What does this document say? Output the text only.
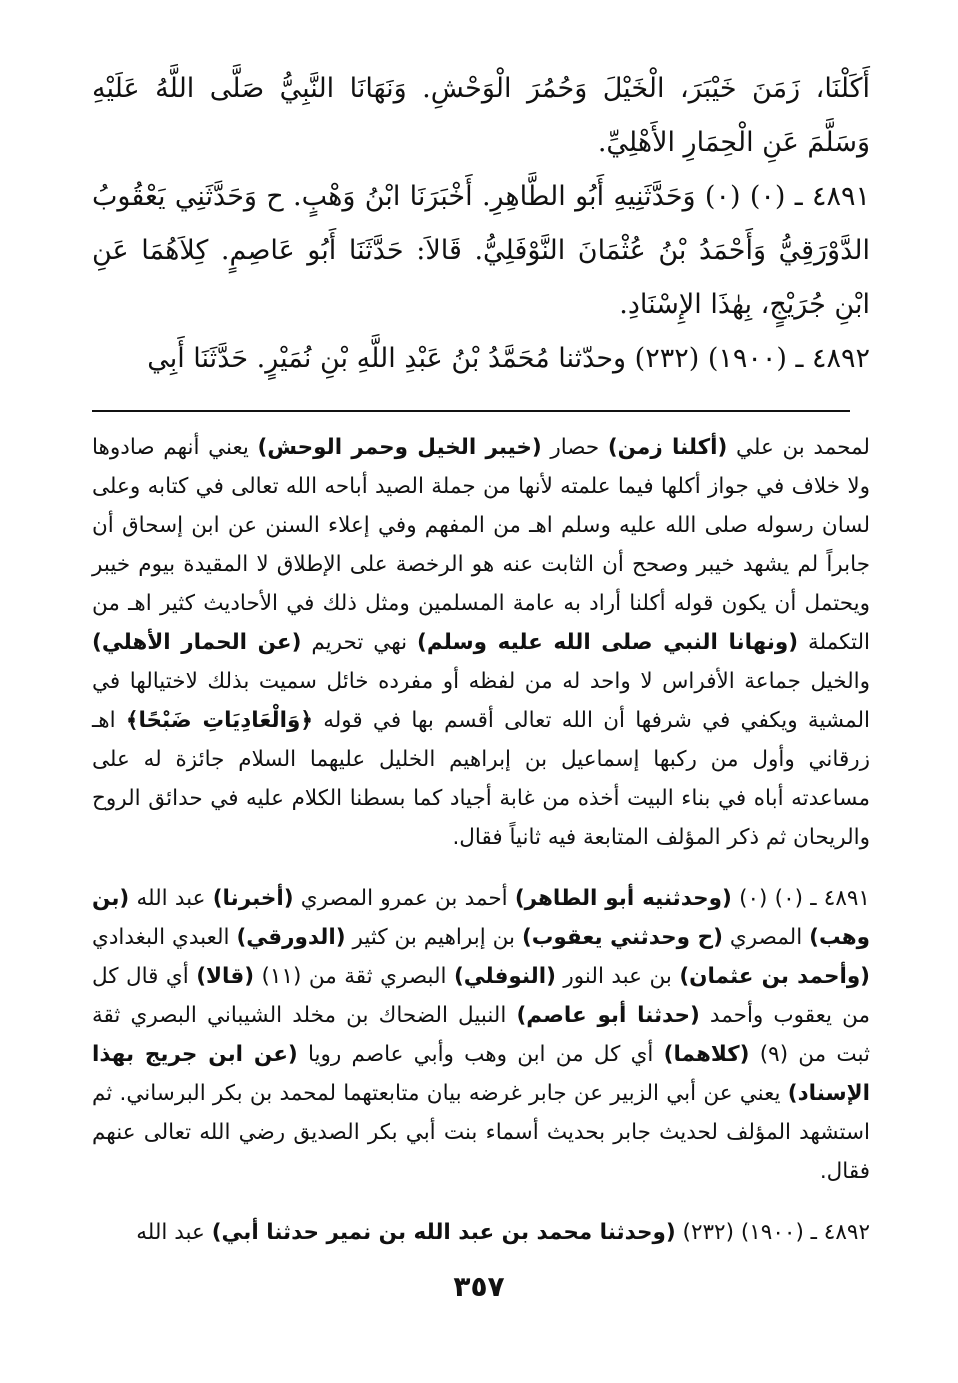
أَكَلْنَا، زَمَنَ خَيْبَرَ، الْخَيْلَ وَحُمُرَ الْوَحْشِ. وَنَهَانَا النَّبِيُّ صَلَّى اللَّهُ عَلَيْهِ وَسَلَّمَ عَنِ الْحِمَارِ الأَهْلِيِّ.

٤٨٩١ ـ (٠) (٠) وَحَدَّثَنِيهِ أَبُو الطَّاهِرِ. أَخْبَرَنَا ابْنُ وَهْبٍ. ح وَحَدَّثَنِي يَعْقُوبُ الدَّوْرَقِيُّ وَأَحْمَدُ بْنُ عُثْمَانَ النَّوْفَلِيُّ. قَالاَ: حَدَّثَنَا أَبُو عَاصِمٍ. كِلاَهُمَا عَنِ ابْنِ جُرَيْجٍ، بِهٰذَا الإِسْنَادِ.

٤٨٩٢ ـ (١٩٠٠) (٢٣٢) وحدّثنا مُحَمَّدُ بْنُ عَبْدِ اللَّهِ بْنِ نُمَيْرٍ. حَدَّثَنَا أَبِي

لمحمد بن علي (أكلنا زمن) حصار (خيبر الخيل وحمر الوحش) يعني أنهم صادوها ولا خلاف في جواز أكلها فيما علمته لأنها من جملة الصيد أباحه الله تعالى في كتابه وعلى لسان رسوله صلى الله عليه وسلم اهـ من المفهم وفي إعلاء السنن عن ابن إسحاق أن جابراً لم يشهد خيبر وصحح أن الثابت عنه هو الرخصة على الإطلاق لا المقيدة بيوم خيبر ويحتمل أن يكون قوله أكلنا أراد به عامة المسلمين ومثل ذلك في الأحاديث كثير اهـ من التكملة (ونهانا النبي صلى الله عليه وسلم) نهي تحريم (عن الحمار الأهلي) والخيل جماعة الأفراس لا واحد له من لفظه أو مفرده خائل سميت بذلك لاختيالها في المشية ويكفي في شرفها أن الله تعالى أقسم بها في قوله ﴿وَالْعَادِيَاتِ ضَبْحًا﴾ اهـ زرقاني وأول من ركبها إسماعيل بن إبراهيم الخليل عليهما السلام جائزة له على مساعدته أباه في بناء البيت أخذه من غابة أجياد كما بسطنا الكلام عليه في حدائق الروح والريحان ثم ذكر المؤلف المتابعة فيه ثانياً فقال.

٤٨٩١ ـ (٠) (٠) (وحدثنيه أبو الطاهر) أحمد بن عمرو المصري (أخبرنا) عبد الله (بن وهب) المصري (ح وحدثني يعقوب) بن إبراهيم بن كثير (الدورقي) العبدي البغدادي (وأحمد بن عثمان) بن عبد النور (النوفلي) البصري ثقة من (١١) (قالا) أي قال كل من يعقوب وأحمد (حدثنا أبو عاصم) النبيل الضحاك بن مخلد الشيباني البصري ثقة ثبت من (٩) (كلاهما) أي كل من ابن وهب وأبي عاصم رويا (عن ابن جريج بهذا الإسناد) يعني عن أبي الزبير عن جابر غرضه بيان متابعتهما لمحمد بن بكر البرساني. ثم استشهد المؤلف لحديث جابر بحديث أسماء بنت أبي بكر الصديق رضي الله تعالى عنهم فقال.

٤٨٩٢ ـ (١٩٠٠) (٢٣٢) (وحدثنا محمد بن عبد الله بن نمير حدثنا أبي) عبد الله

٣٥٧
